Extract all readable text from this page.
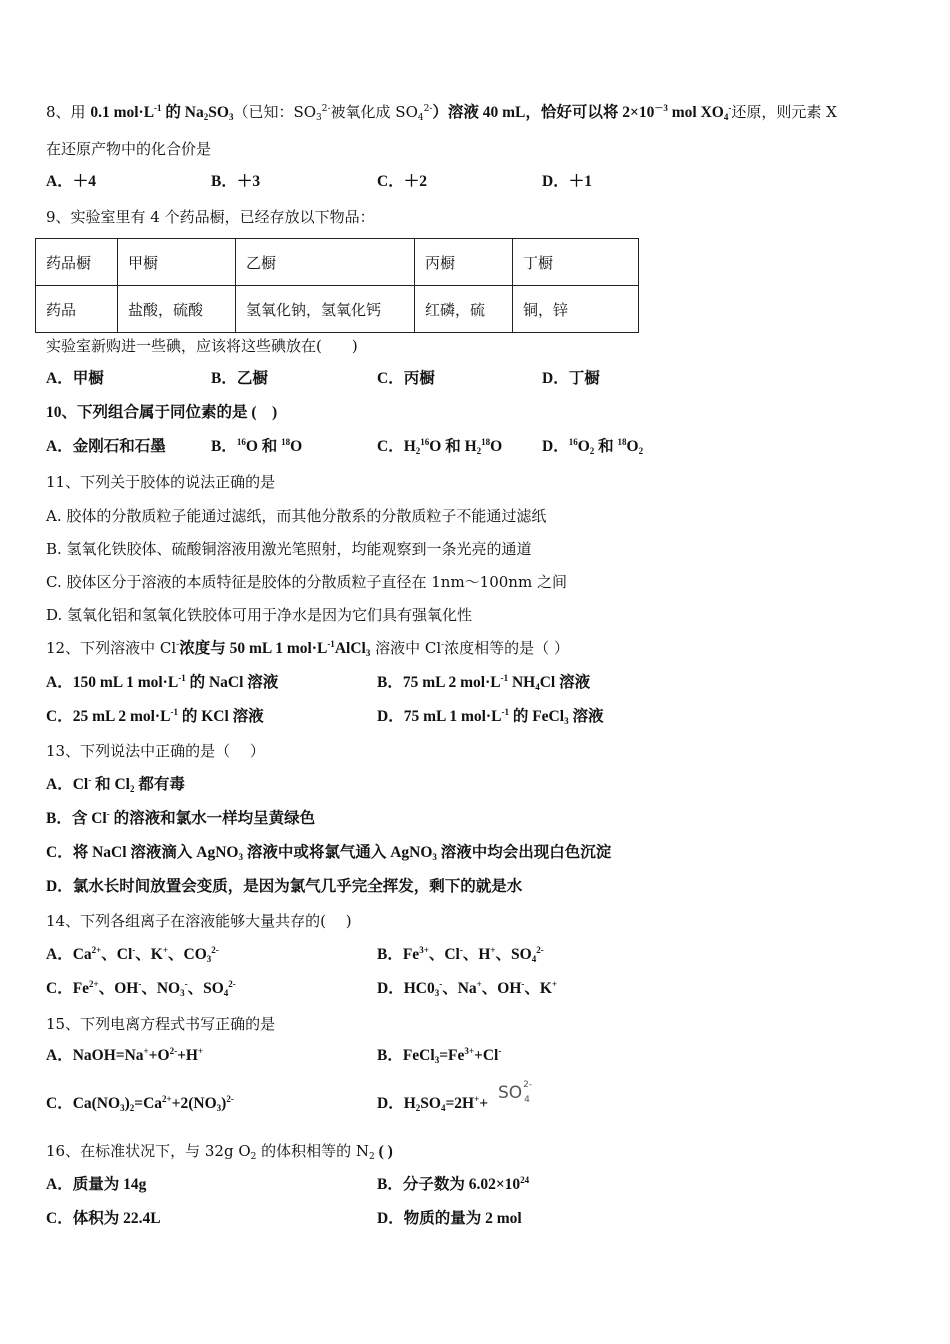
8、用 0.1 $mol\cdot L^{-1}$ 的 $Na_2SO_3$（已知：$SO_3^{2-}$被氧化成 $SO_4^{2-}$）溶液 40 mL，恰好可以将 $2\times 10^{-3}$ mol $XO_4^-$还原，则元素 X
在还原产物中的化合价是
A．＋4	B．＋3	C．＋2	D．＋1
9、实验室里有 4 个药品橱，已经存放以下物品：
药品橱	甲橱	乙橱	丙橱	丁橱
药品	盐酸，硫酸	氢氧化钠，氢氧化钙	红磷，硫	铜，锌
实验室新购进一些碘，应该将这些碘放在(　　)
A．甲橱	B．乙橱	C．丙橱	D．丁橱
10、下列组合属于同位素的是 (　)
A．金刚石和石墨	B．$^{16}$O 和 $^{18}$O	C．$H_2^{16}O$ 和 $H_2^{18}O$	D．$^{16}O_2$ 和 $^{18}O_2$
11、下列关于胶体的说法正确的是
A. 胶体的分散质粒子能通过滤纸，而其他分散系的分散质粒子不能通过滤纸
B. 氢氧化铁胶体、硫酸铜溶液用激光笔照射，均能观察到一条光亮的通道
C. 胶体区分于溶液的本质特征是胶体的分散质粒子直径在 1nm～100nm 之间
D. 氢氧化铝和氢氧化铁胶体可用于净水是因为它们具有强氧化性
12、下列溶液中 Cl-浓度与 50 mL 1 $mol\cdot L^{-1}AlCl_3$ 溶液中 Cl-浓度相等的是（ ）
A．150 mL 1 $mol\cdot L^{-1}$ 的 NaCl 溶液	B．75 mL 2 $mol\cdot L^{-1}$ $NH_4Cl$ 溶液
C．25 mL 2 $mol\cdot L^{-1}$ 的 KCl 溶液	D．75 mL 1 $mol\cdot L^{-1}$ 的 FeCl$_3$ 溶液
13、下列说法中正确的是（　 ）
A．Cl- 和 $Cl_2$ 都有毒
B．含 Cl- 的溶液和氯水一样均呈黄绿色
C．将 NaCl 溶液滴入 AgNO$_3$ 溶液中或将氯气通入 AgNO$_3$ 溶液中均会出现白色沉淀
D．氯水长时间放置会变质，是因为氯气几乎完全挥发，剩下的就是水
14、下列各组离子在溶液能够大量共存的(　 )
A．$Ca^{2+}$、Cl-、K+、$CO_3^{2-}$	B．$Fe^{3+}$、Cl-、H+、$SO_4^{2-}$
C．$Fe^{2+}$、OH-、$NO_3^-$、$SO_4^{2-}$	D．$HC0_3^-$、Na+、OH-、K+
15、下列电离方程式书写正确的是
A．$NaOH=Na^++O^{2-}+H^+$	B．$FeCl_3=Fe^{3+}+Cl^-$
C．$Ca(NO_3)_2=Ca^{2+}+2(NO_3)^{2-}$	D．$H_2SO_4=2H^++$
SO 2-
4
16、在标准状况下，与 32g $O_2$ 的体积相等的 $N_2$ ( )
A．质量为 14g	B．分子数为 $6.02\times 10^{24}$
C．体积为 22.4L	D．物质的量为 2 mol
